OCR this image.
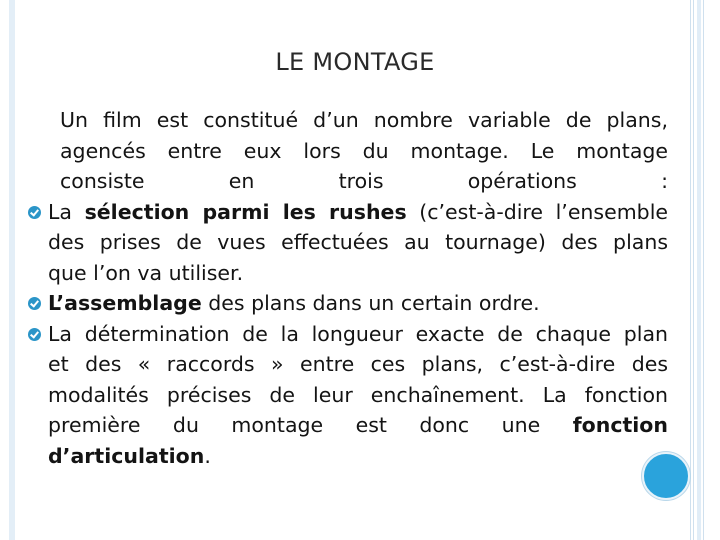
LE MONTAGE
Un film est constitué d’un nombre variable de plans,
agencés entre eux lors du montage. Le montage
consiste en trois opérations :
La sélection parmi les rushes (c’est-à-dire l’ensemble
des prises de vues effectuées au tournage) des plans
que l’on va utiliser.
L’assemblage des plans dans un certain ordre.
La détermination de la longueur exacte de chaque plan
et des « raccords » entre ces plans, c’est-à-dire des
modalités précises de leur enchaînement. La fonction
première du montage est donc une fonction
d’articulation.
